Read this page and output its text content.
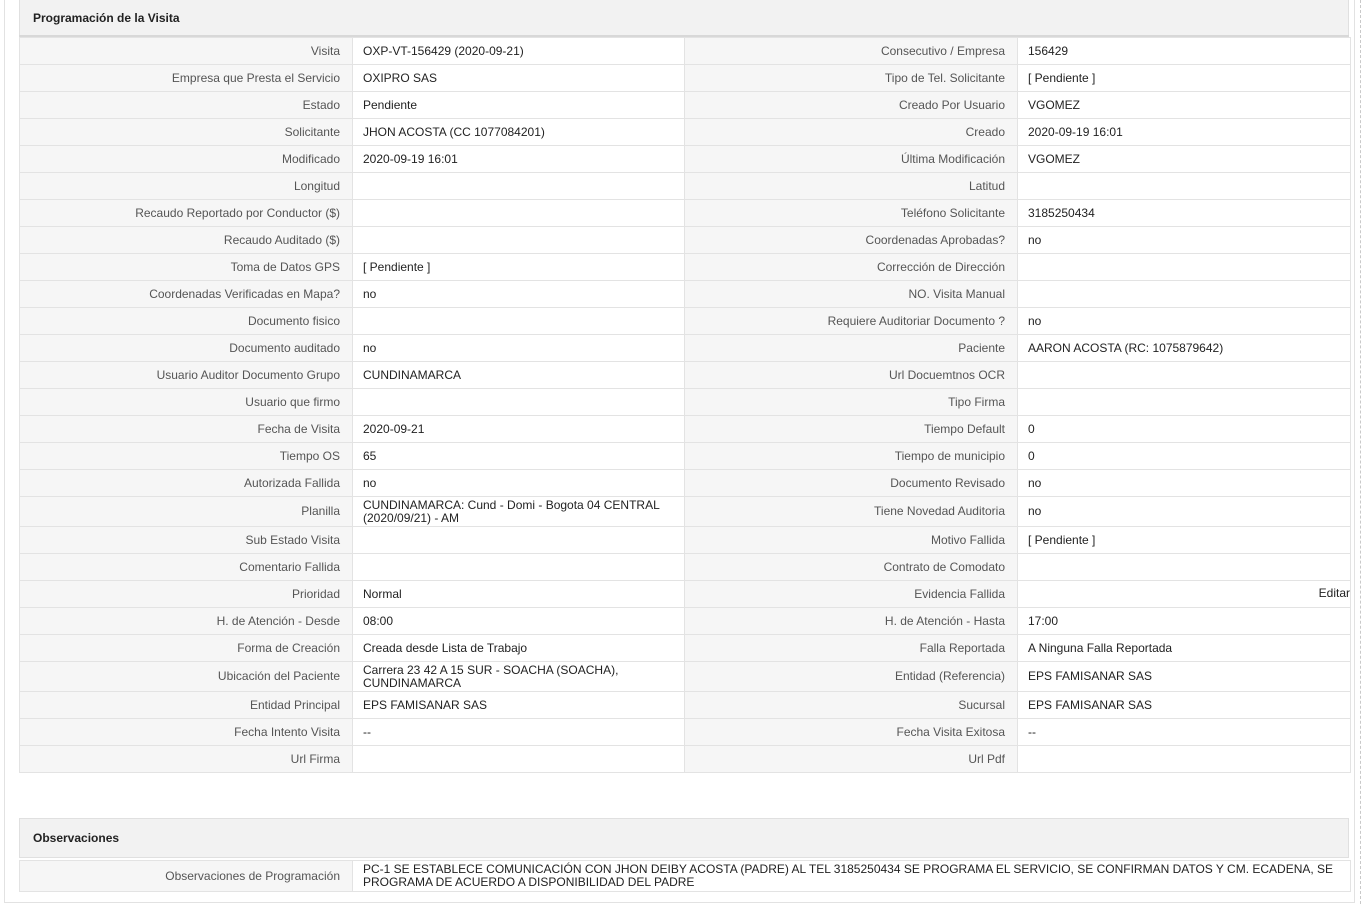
Programación de la Visita
Visita	OXP-VT-156429 (2020-09-21)	Consecutivo / Empresa	156429
Empresa que Presta el Servicio	OXIPRO SAS	Tipo de Tel. Solicitante	[ Pendiente ]
Estado	Pendiente	Creado Por Usuario	VGOMEZ
Solicitante	JHON ACOSTA (CC 1077084201)	Creado	2020-09-19 16:01
Modificado	2020-09-19 16:01	Última Modificación	VGOMEZ
Longitud		Latitud	
Recaudo Reportado por Conductor ($)		Teléfono Solicitante	3185250434
Recaudo Auditado ($)		Coordenadas Aprobadas?	no
Toma de Datos GPS	[ Pendiente ]	Corrección de Dirección	
Coordenadas Verificadas en Mapa?	no	NO. Visita Manual	
Documento fisico		Requiere Auditoriar Documento ?	no
Documento auditado	no	Paciente	AARON ACOSTA (RC: 1075879642)
Usuario Auditor Documento Grupo	CUNDINAMARCA	Url Docuemtnos OCR	
Usuario que firmo		Tipo Firma	
Fecha de Visita	2020-09-21	Tiempo Default	0
Tiempo OS	65	Tiempo de municipio	0
Autorizada Fallida	no	Documento Revisado	no
Planilla	CUNDINAMARCA: Cund - Domi - Bogota 04 CENTRAL (2020/09/21) - AM	Tiene Novedad Auditoria	no
Sub Estado Visita		Motivo Fallida	[ Pendiente ]
Comentario Fallida		Contrato de Comodato	
Prioridad	Normal	Evidencia Fallida	Editar

H. de Atención - Desde	08:00	H. de Atención - Hasta	17:00
Forma de Creación	Creada desde Lista de Trabajo	Falla Reportada	A Ninguna Falla Reportada
Ubicación del Paciente	Carrera 23 42 A 15 SUR - SOACHA (SOACHA), CUNDINAMARCA	Entidad (Referencia)	EPS FAMISANAR SAS
Entidad Principal	EPS FAMISANAR SAS	Sucursal	EPS FAMISANAR SAS
Fecha Intento Visita	--	Fecha Visita Exitosa	--
Url Firma		Url Pdf	
Observaciones
Observaciones de Programación	PC-1 SE ESTABLECE COMUNICACIÓN CON JHON DEIBY ACOSTA (PADRE) AL TEL 3185250434 SE PROGRAMA EL SERVICIO, SE CONFIRMAN DATOS Y CM. ECADENA, SE PROGRAMA DE ACUERDO A DISPONIBILIDAD DEL PADRE
